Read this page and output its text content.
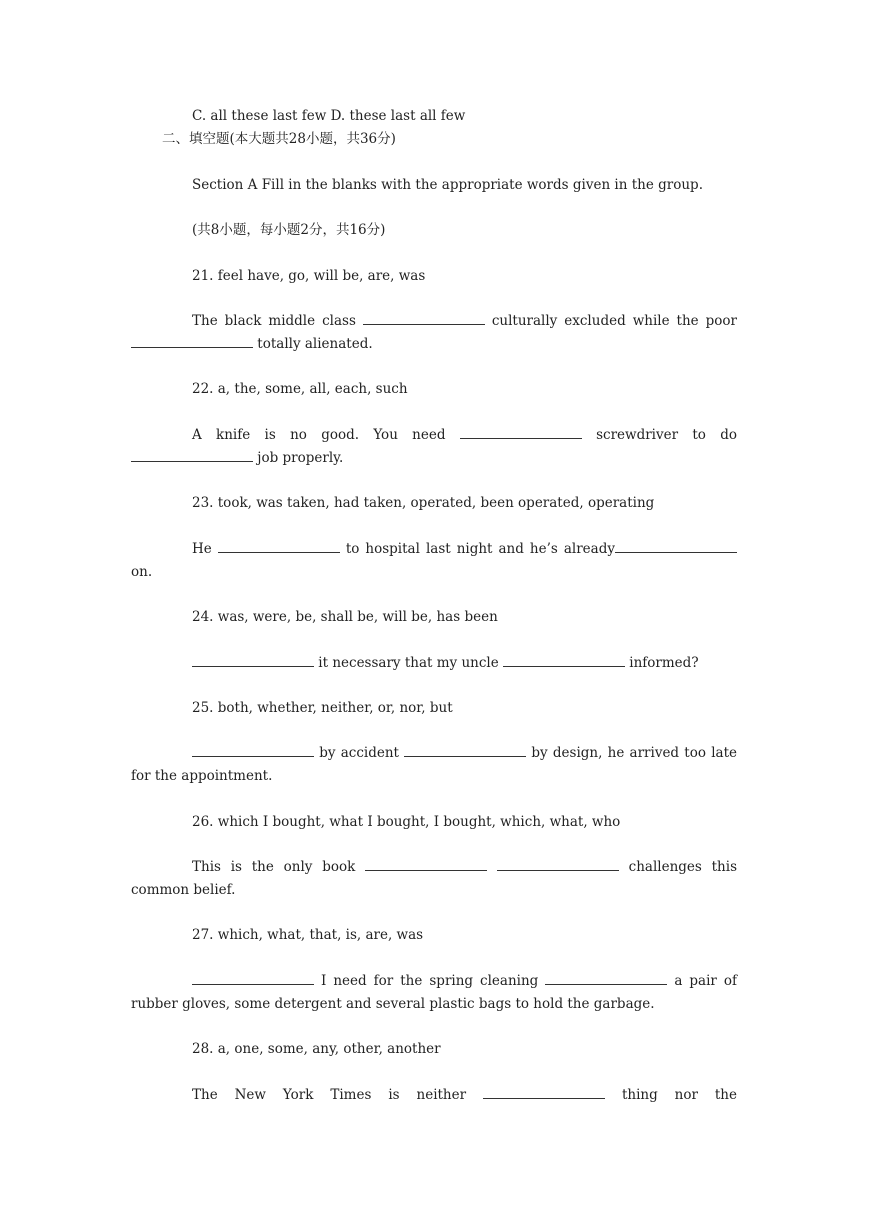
C. all these last few D. these last all few
二、填空题(本大题共28小题，共36分)
Section A Fill in the blanks with the appropriate words given in the group.
(共8小题，每小题2分，共16分)
21. feel have, go, will be, are, was
The black middle class	culturally excluded while the poor  totally alienated.
22. a, the, some, all, each, such
A knife is no good. You need	screwdriver to do  job properly.
23. took, was taken, had taken, operated, been operated, operating
He	to hospital last night and he’s already on.
24. was, were, be, shall be, will be, has been
it necessary that my uncle	informed?
25. both, whether, neither, or, nor, but
by accident	by design, he arrived too late for the appointment.
26. which I bought, what I bought, I bought, which, what, who
This is the only book	challenges this common belief.
27. which, what, that, is, are, was
I need for the spring cleaning	a pair of rubber gloves, some detergent and several plastic bags to hold the garbage.
28. a, one, some, any, other, another
The New York Times is neither	thing nor the
